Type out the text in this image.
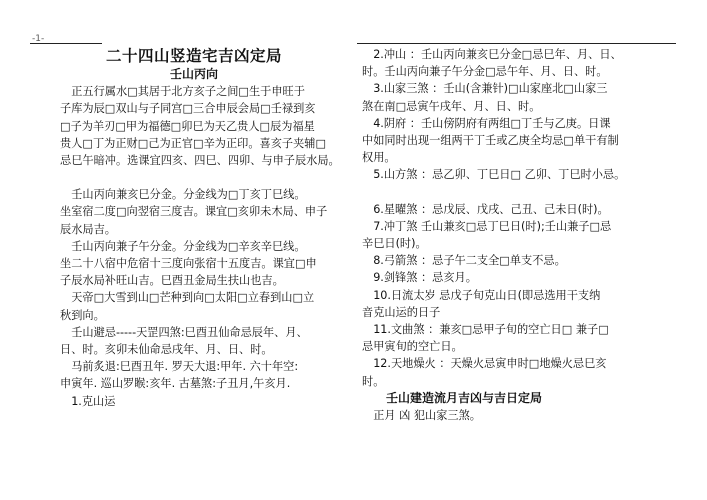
-1-
二十四山竖造宅吉凶定局
壬山丙向
　正五行属水□其居于北方亥子之间□生于申旺于
子库为辰□双山与子同宫□三合申辰会局□壬禄到亥
□子为羊刃□甲为福德□卯巳为天乙贵人□辰为福星
贵人□丁为正财□己为正官□辛为正印。喜亥子夹辅□
忌巳午暗冲。选课宜四亥、四巳、四卯、与申子辰水局。
　壬山丙向兼亥巳分金。分金线为□丁亥丁巳线。
坐室宿二度□向翌宿三度吉。课宜□亥卯未木局、申子
辰水局吉。
　壬山丙向兼子午分金。分金线为□辛亥辛巳线。
坐二十八宿中危宿十三度向张宿十五度吉。课宜□申
子辰水局补旺山吉。巳酉丑金局生扶山也吉。
　天帝□大雪到山□芒种到向□太阳□立春到山□立
秋到向。
　壬山避忌-----天罡四煞:巳酉丑仙命忌辰年、月、
日、时。亥卯未仙命忌戌年、月、日、时。
　马前炙退:巳酉丑年. 罗天大退:甲年. 六十年空:
申寅年. 巡山罗睺:亥年. 古墓煞:子丑月,午亥月.
　1.克山运
　2.冲山 ：壬山丙向兼亥巳分金□忌巳年、月、日、
时。壬山丙向兼子午分金□忌午年、月、日、时。
　3.山家三煞 ：壬山(含兼针)□山家座北□山家三
煞在南□忌寅午戌年、月、日、时。
　4.阴府 ：壬山傍阴府有两组□丁壬与乙庚。日课
中如同时出现一组两干丁壬或乙庚全均忌□单干有制
权用。
　5.山方煞 ：忌乙卯、丁巳日□ 乙卯、丁巳时小忌。
　6.星曜煞 ：忌戊辰、戊戌、己丑、己未日(时)。
　7.冲丁煞 壬山兼亥□忌丁巳日(时);壬山兼子□忌
辛巳日(时)。
　8.弓箭煞 ：忌子午二支全□单支不忌。
　9.剑锋煞 ：忌亥月。
　10.日流太岁 忌戊子旬克山日(即忌选用干支纳
音克山运的日子
　11.文曲煞 ：兼亥□忌甲子旬的空亡日□ 兼子□
忌甲寅旬的空亡日。
　12.天地燥火 ：天燥火忌寅申时□地燥火忌巳亥
时。
壬山建造流月吉凶与吉日定局
　正月 凶 犯山家三煞。
